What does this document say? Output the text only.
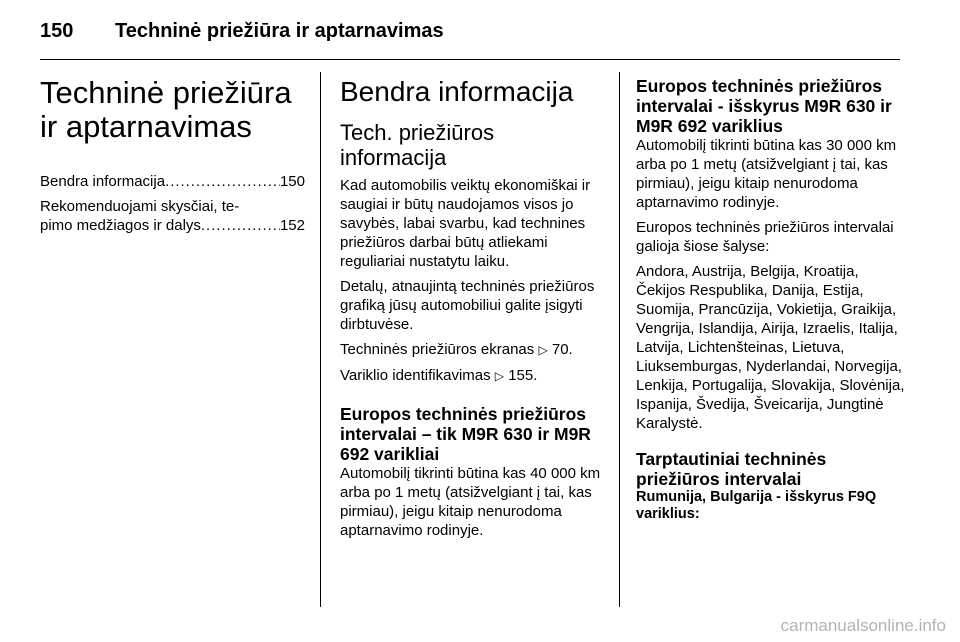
150 Techninė priežiūra ir aptarnavimas
Techninė priežiūra ir aptarnavimas
Bendra informacija . . .	150
Rekomenduojami skysčiai, te-
pimo medžiagos ir dalys . . .	152
Bendra informacija
Tech. priežiūros informacija

Kad automobilis veiktų ekonomiškai ir saugiai ir būtų naudojamos visos jo savybės, labai svarbu, kad technines priežiūros darbai būtų atliekami reguliariai nustatytu laiku.

Detalų, atnaujintą techninės priežiūros grafiką jūsų automobiliui galite įsigyti dirbtuvėse.

Techninės priežiūros ekranas ▷ 70.

Variklio identifikavimas ▷ 155.

Europos techninės priežiūros intervalai – tik M9R 630 ir M9R 692 varikliai

Automobilį tikrinti būtina kas 40 000 km arba po 1 metų (atsižvelgiant į tai, kas pirmiau), jeigu kitaip nenurodoma aptarnavimo rodinyje.

Europos techninės priežiūros intervalai - išskyrus M9R 630 ir M9R 692 variklius

Automobilį tikrinti būtina kas 30 000 km arba po 1 metų (atsižvelgiant į tai, kas pirmiau), jeigu kitaip nenurodoma aptarnavimo rodinyje.

Europos techninės priežiūros intervalai galioja šiose šalyse:

Andora, Austrija, Belgija, Kroatija, Čekijos Respublika, Danija, Estija, Suomija, Prancūzija, Vokietija, Graikija, Vengrija, Islandija, Airija, Izraelis, Italija, Latvija, Lichtenšteinas, Lietuva, Liuksemburgas, Nyderlandai, Norvegija, Lenkija, Portugalija, Slovakija, Slovėnija, Ispanija, Švedija, Šveicarija, Jungtinė Karalystė.

Tarptautiniai techninės priežiūros intervalai

Rumunija, Bulgarija - išskyrus F9Q variklius:

carmanualsonline.info
